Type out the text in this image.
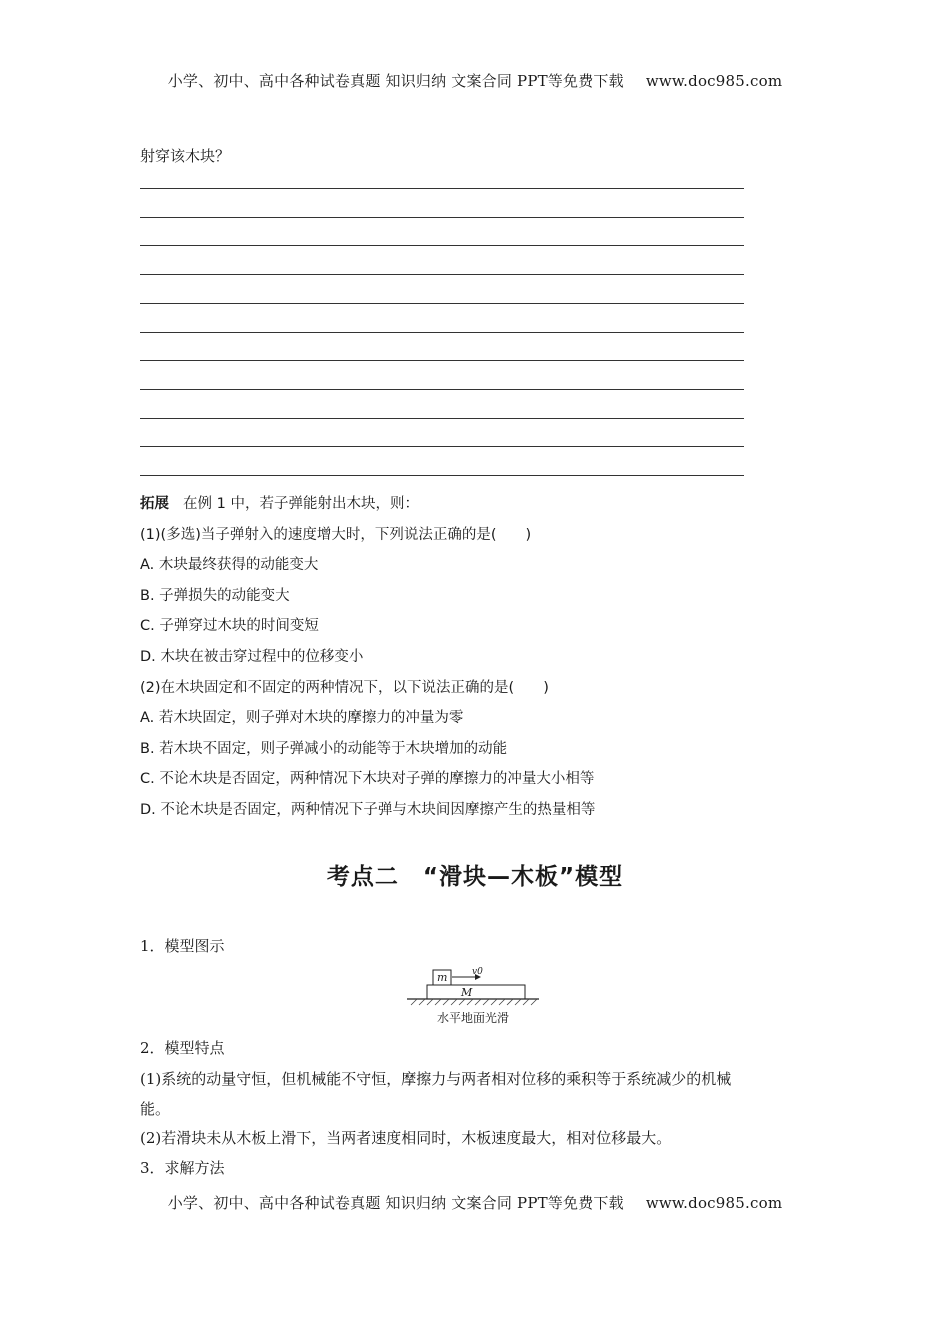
小学、初中、高中各种试卷真题 知识归纳 文案合同 PPT等免费下载 www.doc985.com
射穿该木块？
拓展 在例 1 中，若子弹能射出木块，则：
(1)(多选)当子弹射入的速度增大时，下列说法正确的是(　　)
A. 木块最终获得的动能变大
B. 子弹损失的动能变大
C. 子弹穿过木块的时间变短
D. 木块在被击穿过程中的位移变小
(2)在木块固定和不固定的两种情况下，以下说法正确的是(　　)
A. 若木块固定，则子弹对木块的摩擦力的冲量为零
B. 若木块不固定，则子弹减小的动能等于木块增加的动能
C. 不论木块是否固定，两种情况下木块对子弹的摩擦力的冲量大小相等
D. 不论木块是否固定，两种情况下子弹与木块间因摩擦产生的热量相等
考点二　“滑块—木板”模型
1．模型图示
M
m	v0
水平地面光滑
2．模型特点
(1)系统的动量守恒，但机械能不守恒，摩擦力与两者相对位移的乘积等于系统减少的机械
能。
(2)若滑块未从木板上滑下，当两者速度相同时，木板速度最大，相对位移最大。
3．求解方法
小学、初中、高中各种试卷真题 知识归纳 文案合同 PPT等免费下载 www.doc985.com
